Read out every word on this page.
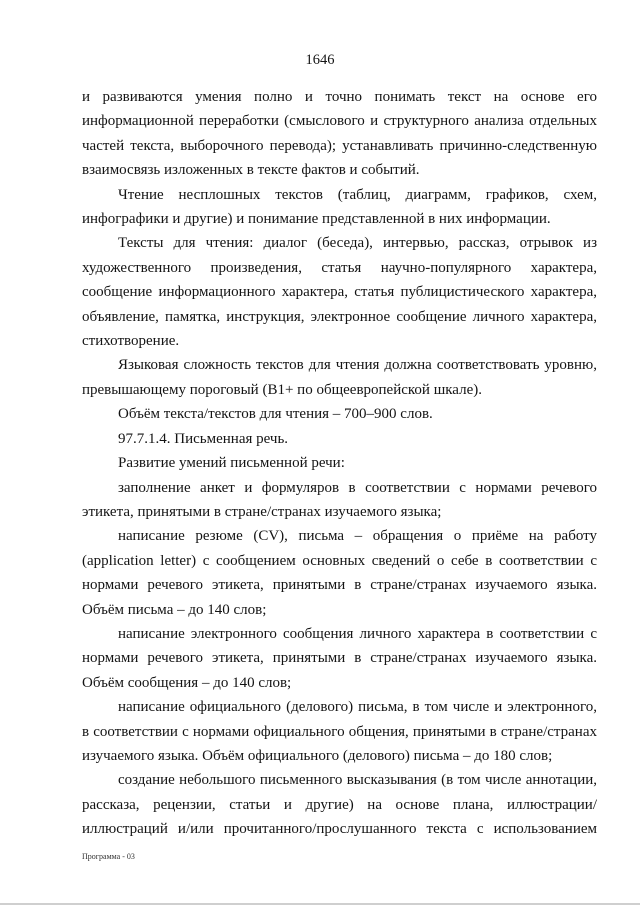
1646

и развиваются умения полно и точно понимать текст на основе его информационной переработки (смыслового и структурного анализа отдельных частей текста, выборочного перевода); устанавливать причинно-следственную взаимосвязь изложенных в тексте фактов и событий.

Чтение несплошных текстов (таблиц, диаграмм, графиков, схем, инфографики и другие) и понимание представленной в них информации.

Тексты для чтения: диалог (беседа), интервью, рассказ, отрывок из художественного произведения, статья научно-популярного характера, сообщение информационного характера, статья публицистического характера, объявление, памятка, инструкция, электронное сообщение личного характера, стихотворение.

Языковая сложность текстов для чтения должна соответствовать уровню, превышающему пороговый (B1+ по общеевропейской шкале).

Объём текста/текстов для чтения – 700–900 слов.

97.7.1.4. Письменная речь.

Развитие умений письменной речи:

заполнение анкет и формуляров в соответствии с нормами речевого этикета, принятыми в стране/странах изучаемого языка;

написание резюме (CV), письма – обращения о приёме на работу (application letter) с сообщением основных сведений о себе в соответствии с нормами речевого этикета, принятыми в стране/странах изучаемого языка. Объём письма – до 140 слов;

написание электронного сообщения личного характера в соответствии с нормами речевого этикета, принятыми в стране/странах изучаемого языка. Объём сообщения – до 140 слов;

написание официального (делового) письма, в том числе и электронного, в соответствии с нормами официального общения, принятыми в стране/странах изучаемого языка. Объём официального (делового) письма – до 180 слов;

создание небольшого письменного высказывания (в том числе аннотации, рассказа, рецензии, статьи и другие) на основе плана, иллюстрации/иллюстраций и/или прочитанного/прослушанного текста с использованием

Программа - 03
